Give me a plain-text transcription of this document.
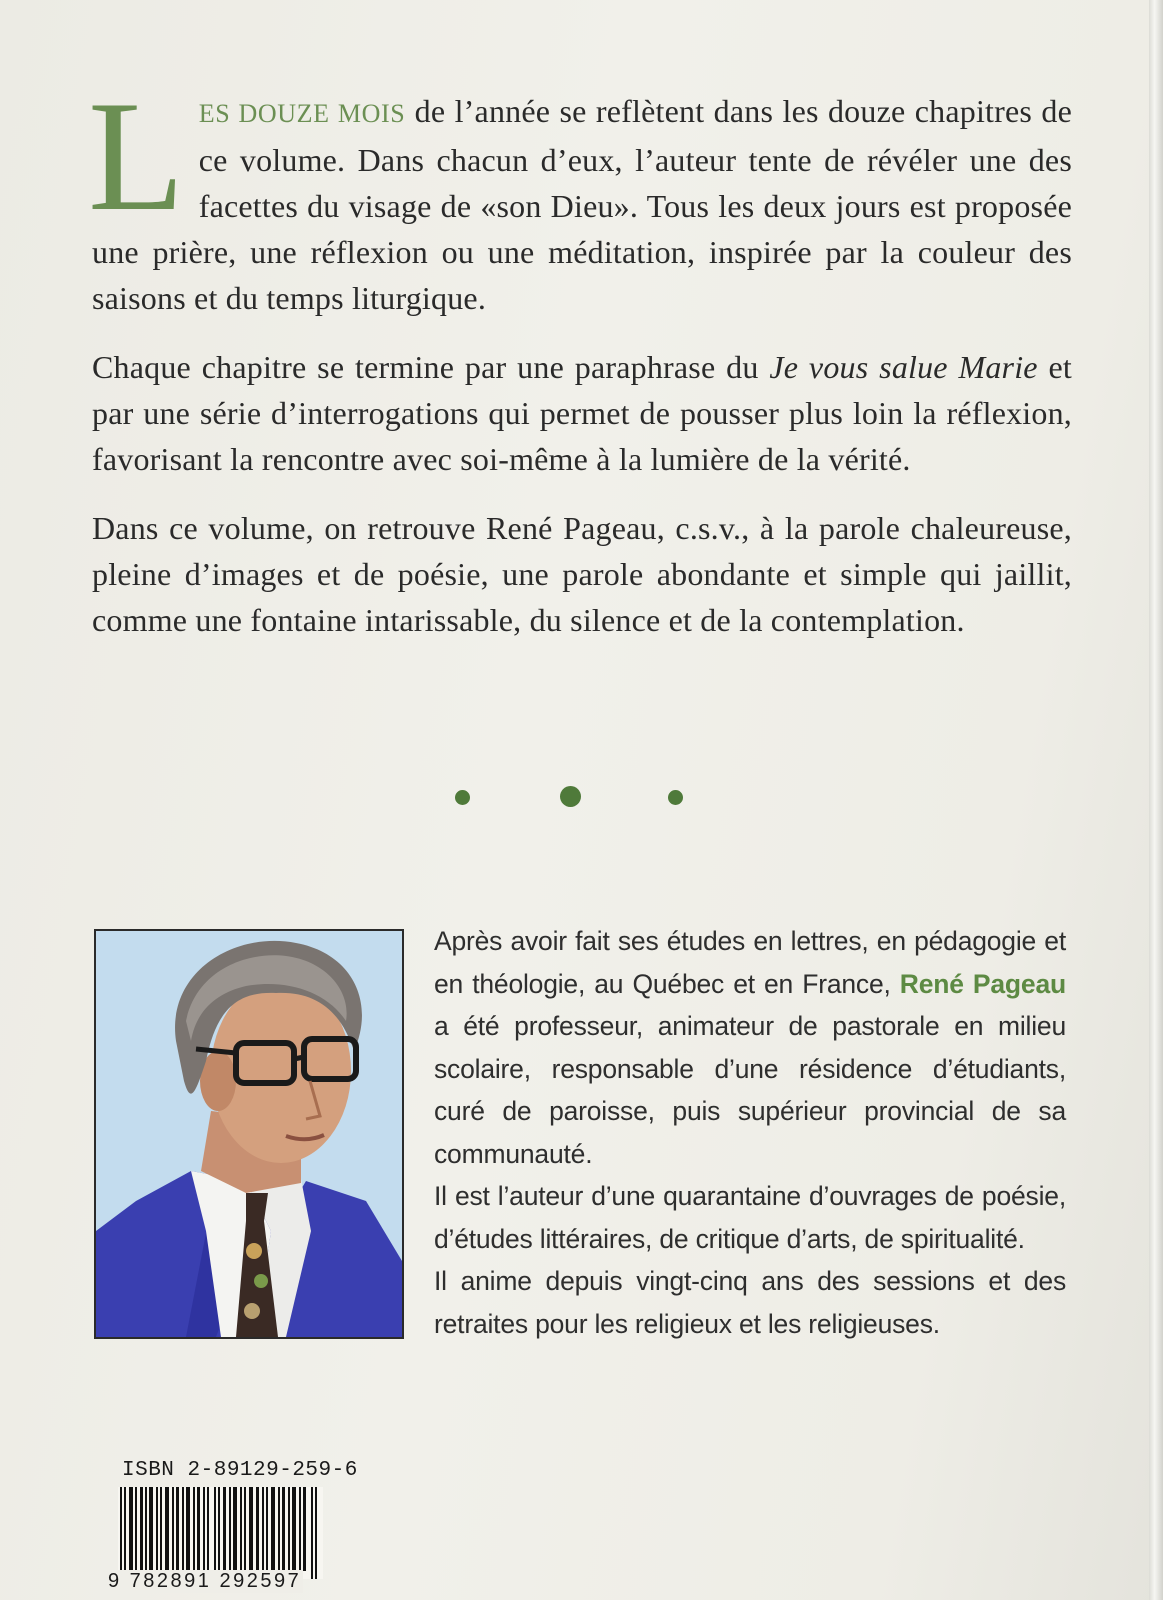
LES DOUZE MOIS de l’année se reflètent dans les douze chapitres de ce volume. Dans chacun d’eux, l’auteur tente de révéler une des facettes du visage de «son Dieu». Tous les deux jours est proposée une prière, une réflexion ou une méditation, inspirée par la couleur des saisons et du temps liturgique.

Chaque chapitre se termine par une paraphrase du Je vous salue Marie et par une série d’interrogations qui permet de pousser plus loin la réflexion, favorisant la rencontre avec soi-même à la lumière de la vérité.

Dans ce volume, on retrouve René Pageau, c.s.v., à la parole chaleureuse, pleine d’images et de poésie, une parole abondante et simple qui jaillit, comme une fontaine intarissable, du silence et de la contemplation.

Après avoir fait ses études en lettres, en pédagogie et en théologie, au Québec et en France, René Pageau a été professeur, animateur de pastorale en milieu scolaire, responsable d’une résidence d’étudiants, curé de paroisse, puis supérieur provincial de sa communauté.

Il est l’auteur d’une quarantaine d’ouvrages de poésie, d’études littéraires, de critique d’arts, de spiritualité.

Il anime depuis vingt-cinq ans des sessions et des retraites pour les religieux et les religieuses.

ISBN 2-89129-259-6
9 782891 292597
